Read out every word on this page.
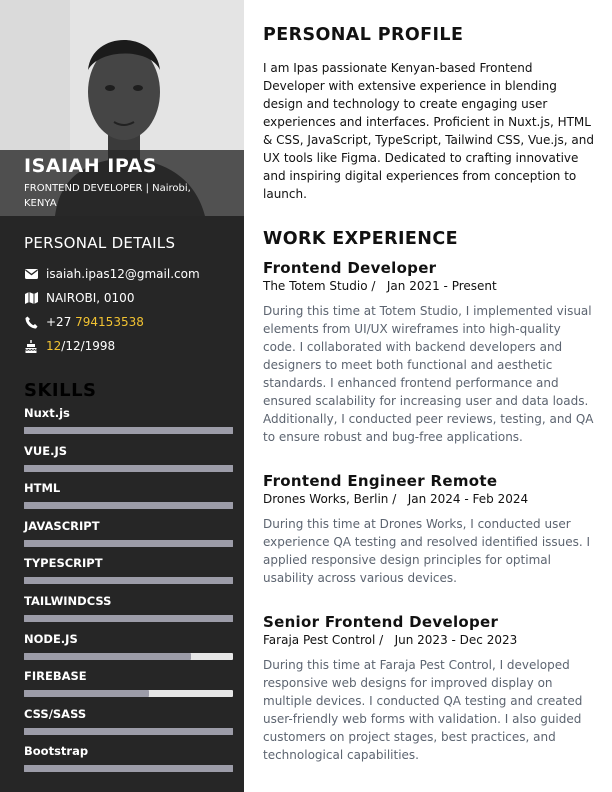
ISAIAH IPAS
FRONTEND DEVELOPER | Nairobi, KENYA
PERSONAL DETAILS
isaiah.ipas12@gmail.com
NAIROBI, 0100
+27 794153538
12 /12/1998
SKILLS
Nuxt.js
VUE.JS
HTML
JAVASCRIPT
TYPESCRIPT
TAILWINDCSS
NODE.JS
FIREBASE
CSS/SASS
Bootstrap
PERSONAL PROFILE
I am Ipas passionate Kenyan-based Frontend Developer with extensive experience in blending design and technology to create engaging user experiences and interfaces. Proficient in Nuxt.js, HTML & CSS, JavaScript, TypeScript, Tailwind CSS, Vue.js, and UX tools like Figma. Dedicated to crafting innovative and inspiring digital experiences from conception to launch.
WORK EXPERIENCE
Frontend Developer
The Totem Studio / Jan 2021 - Present
During this time at Totem Studio, I implemented visual elements from UI/UX wireframes into high-quality code. I collaborated with backend developers and designers to meet both functional and aesthetic standards. I enhanced frontend performance and ensured scalability for increasing user and data loads. Additionally, I conducted peer reviews, testing, and QA to ensure robust and bug-free applications.
Frontend Engineer Remote
Drones Works, Berlin / Jan 2024 - Feb 2024
During this time at Drones Works, I conducted user experience QA testing and resolved identified issues. I applied responsive design principles for optimal usability across various devices.
Senior Frontend Developer
Faraja Pest Control / Jun 2023 - Dec 2023
During this time at Faraja Pest Control, I developed responsive web designs for improved display on multiple devices. I conducted QA testing and created user-friendly web forms with validation. I also guided customers on project stages, best practices, and technological capabilities.
